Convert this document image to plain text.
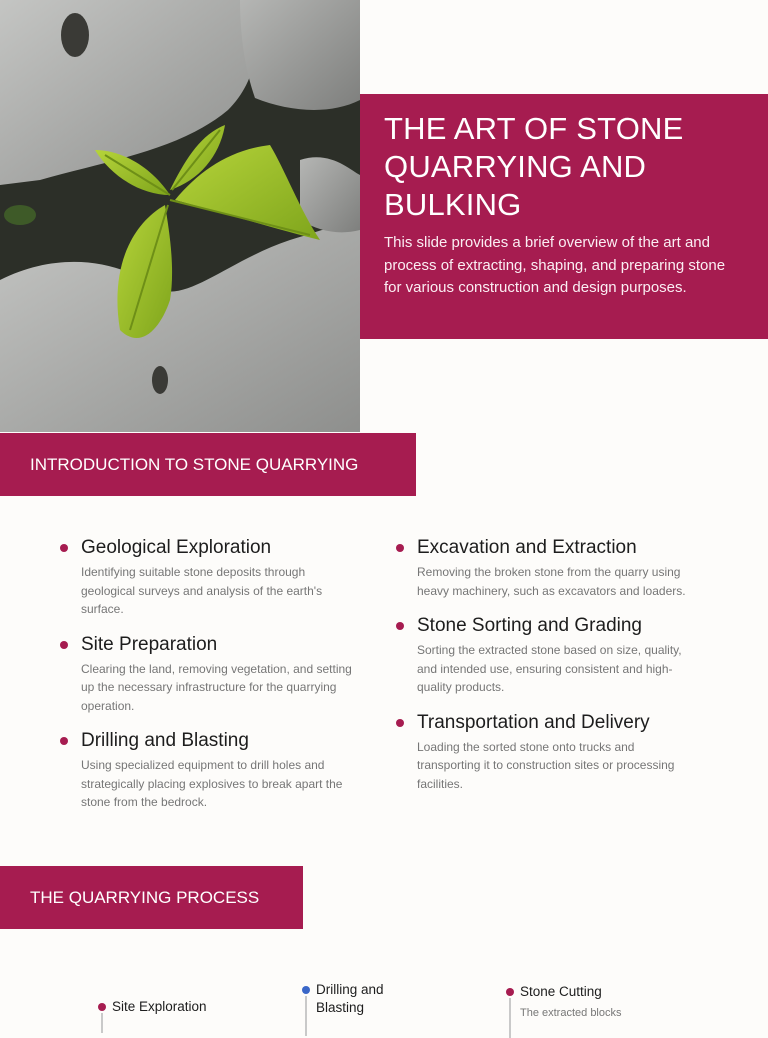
THE ART OF STONE QUARRYING AND BULKING

This slide provides a brief overview of the art and process of extracting, shaping, and preparing stone for various construction and design purposes.

INTRODUCTION TO STONE QUARRYING
Geological Exploration

Identifying suitable stone deposits through geological surveys and analysis of the earth's surface.

Site Preparation

Clearing the land, removing vegetation, and setting up the necessary infrastructure for the quarrying operation.

Drilling and Blasting

Using specialized equipment to drill holes and strategically placing explosives to break apart the stone from the bedrock.

Excavation and Extraction

Removing the broken stone from the quarry using heavy machinery, such as excavators and loaders.

Stone Sorting and Grading

Sorting the extracted stone based on size, quality, and intended use, ensuring consistent and high-quality products.

Transportation and Delivery

Loading the sorted stone onto trucks and transporting it to construction sites or processing facilities.

THE QUARRYING PROCESS
Site Exploration
Drilling and Blasting
Stone Cutting
The extracted blocks
